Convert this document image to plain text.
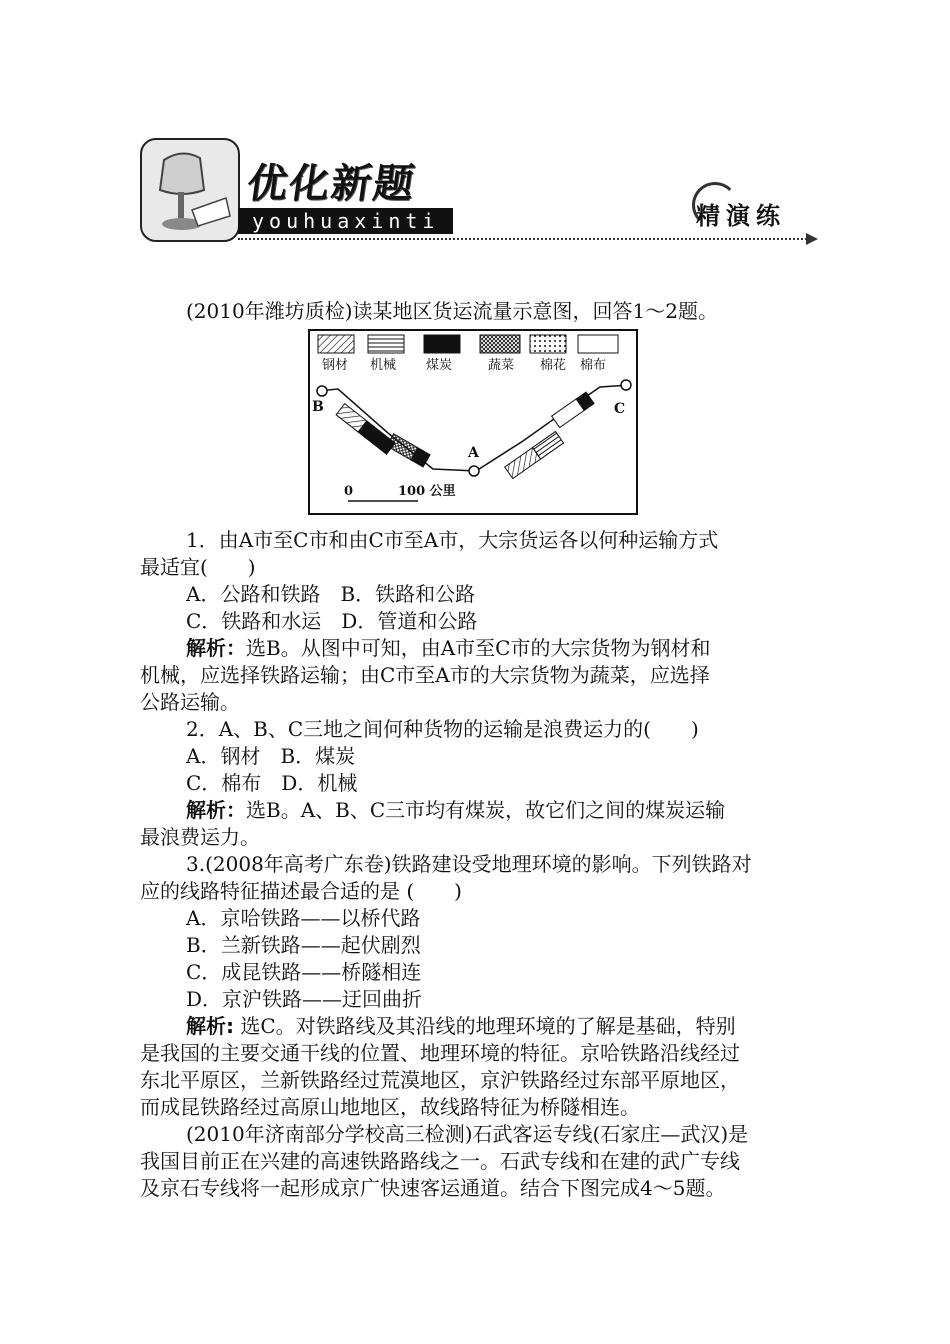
优化新题
youhuaxinti	精演练

(2010年潍坊质检)读某地区货运流量示意图，回答1～2题。

钢材 机械 煤炭	蔬菜 棉花 棉布
B
A
C
0	100 公里

1．由A市至C市和由C市至A市，大宗货运各以何种运输方式

最适宜(　　)

A．公路和铁路　B．铁路和公路

C．铁路和水运　D．管道和公路

解析：选B。从图中可知，由A市至C市的大宗货物为钢材和

机械，应选择铁路运输；由C市至A市的大宗货物为蔬菜，应选择

公路运输。

2．A、B、C三地之间何种货物的运输是浪费运力的(　　)

A．钢材　B．煤炭

C．棉布　D．机械

解析：选B。A、B、C三市均有煤炭，故它们之间的煤炭运输

最浪费运力。

3.(2008年高考广东卷)铁路建设受地理环境的影响。下列铁路对

应的线路特征描述最合适的是 (　　)

A．京哈铁路——以桥代路

B．兰新铁路——起伏剧烈

C．成昆铁路——桥隧相连

D．京沪铁路——迂回曲折

解析: 选C。对铁路线及其沿线的地理环境的了解是基础，特别

是我国的主要交通干线的位置、地理环境的特征。京哈铁路沿线经过

东北平原区，兰新铁路经过荒漠地区，京沪铁路经过东部平原地区，

而成昆铁路经过高原山地地区，故线路特征为桥隧相连。

(2010年济南部分学校高三检测)石武客运专线(石家庄—武汉)是

我国目前正在兴建的高速铁路路线之一。石武专线和在建的武广专线

及京石专线将一起形成京广快速客运通道。结合下图完成4～5题。
